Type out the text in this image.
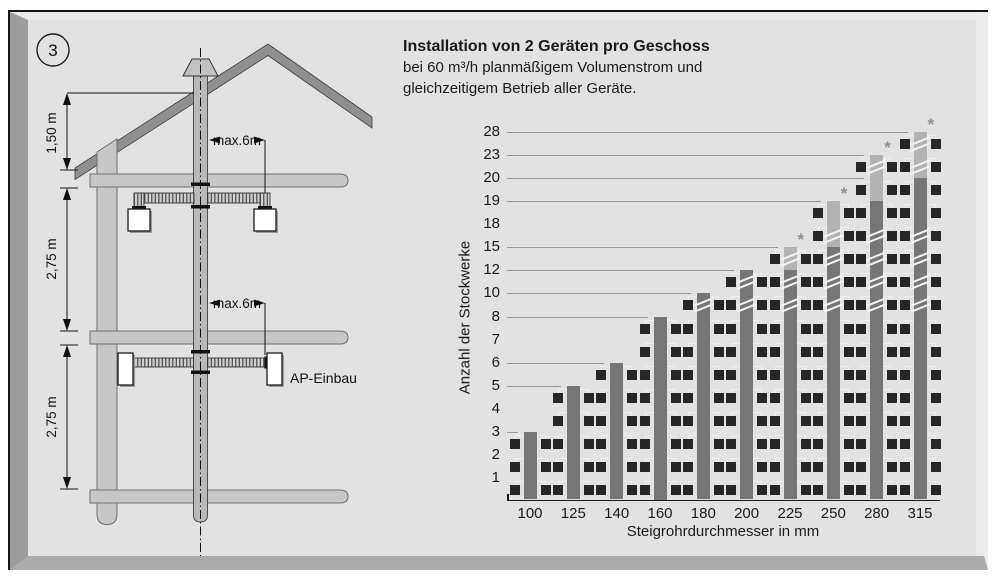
1,50 m
2,75 m
2,75 m
max.6m
max.6m
AP-Einbau
3	Installation von 2 Geräten pro Geschoss
bei 60 m³/h planmäßigem Volumenstrom und
gleichzeitigem Betrieb aller Geräte.
1
2
3
4
5
6
7
8
10
12
15
18
19
20
23
28
100	125	140	160	180	200
*
225
*
250
*
280
*
315
Steigrohrdurchmesser in mm
Anzahl der Stockwerke
